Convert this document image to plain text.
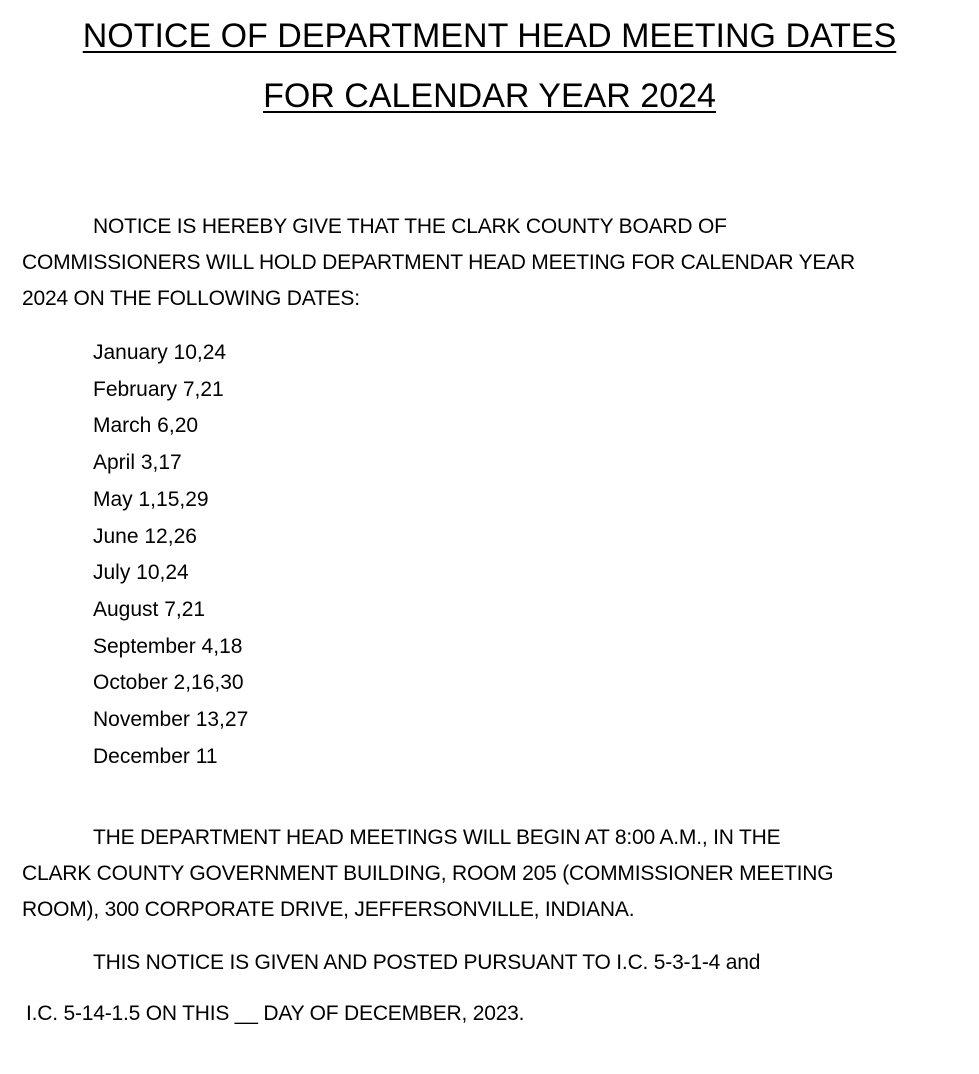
NOTICE OF DEPARTMENT HEAD MEETING DATES
FOR CALENDAR YEAR 2024
NOTICE IS HEREBY GIVE THAT THE CLARK COUNTY BOARD OF
COMMISSIONERS WILL HOLD DEPARTMENT HEAD MEETING FOR CALENDAR YEAR
2024 ON THE FOLLOWING DATES:
January 10,24
February 7,21
March 6,20
April 3,17
May 1,15,29
June 12,26
July 10,24
August 7,21
September 4,18
October 2,16,30
November 13,27
December 11
THE DEPARTMENT HEAD MEETINGS WILL BEGIN AT 8:00 A.M., IN THE
CLARK COUNTY GOVERNMENT BUILDING, ROOM 205 (COMMISSIONER MEETING
ROOM), 300 CORPORATE DRIVE, JEFFERSONVILLE, INDIANA.
THIS NOTICE IS GIVEN AND POSTED PURSUANT TO I.C. 5-3-1-4 and
I.C. 5-14-1.5 ON THIS __ DAY OF DECEMBER, 2023.
